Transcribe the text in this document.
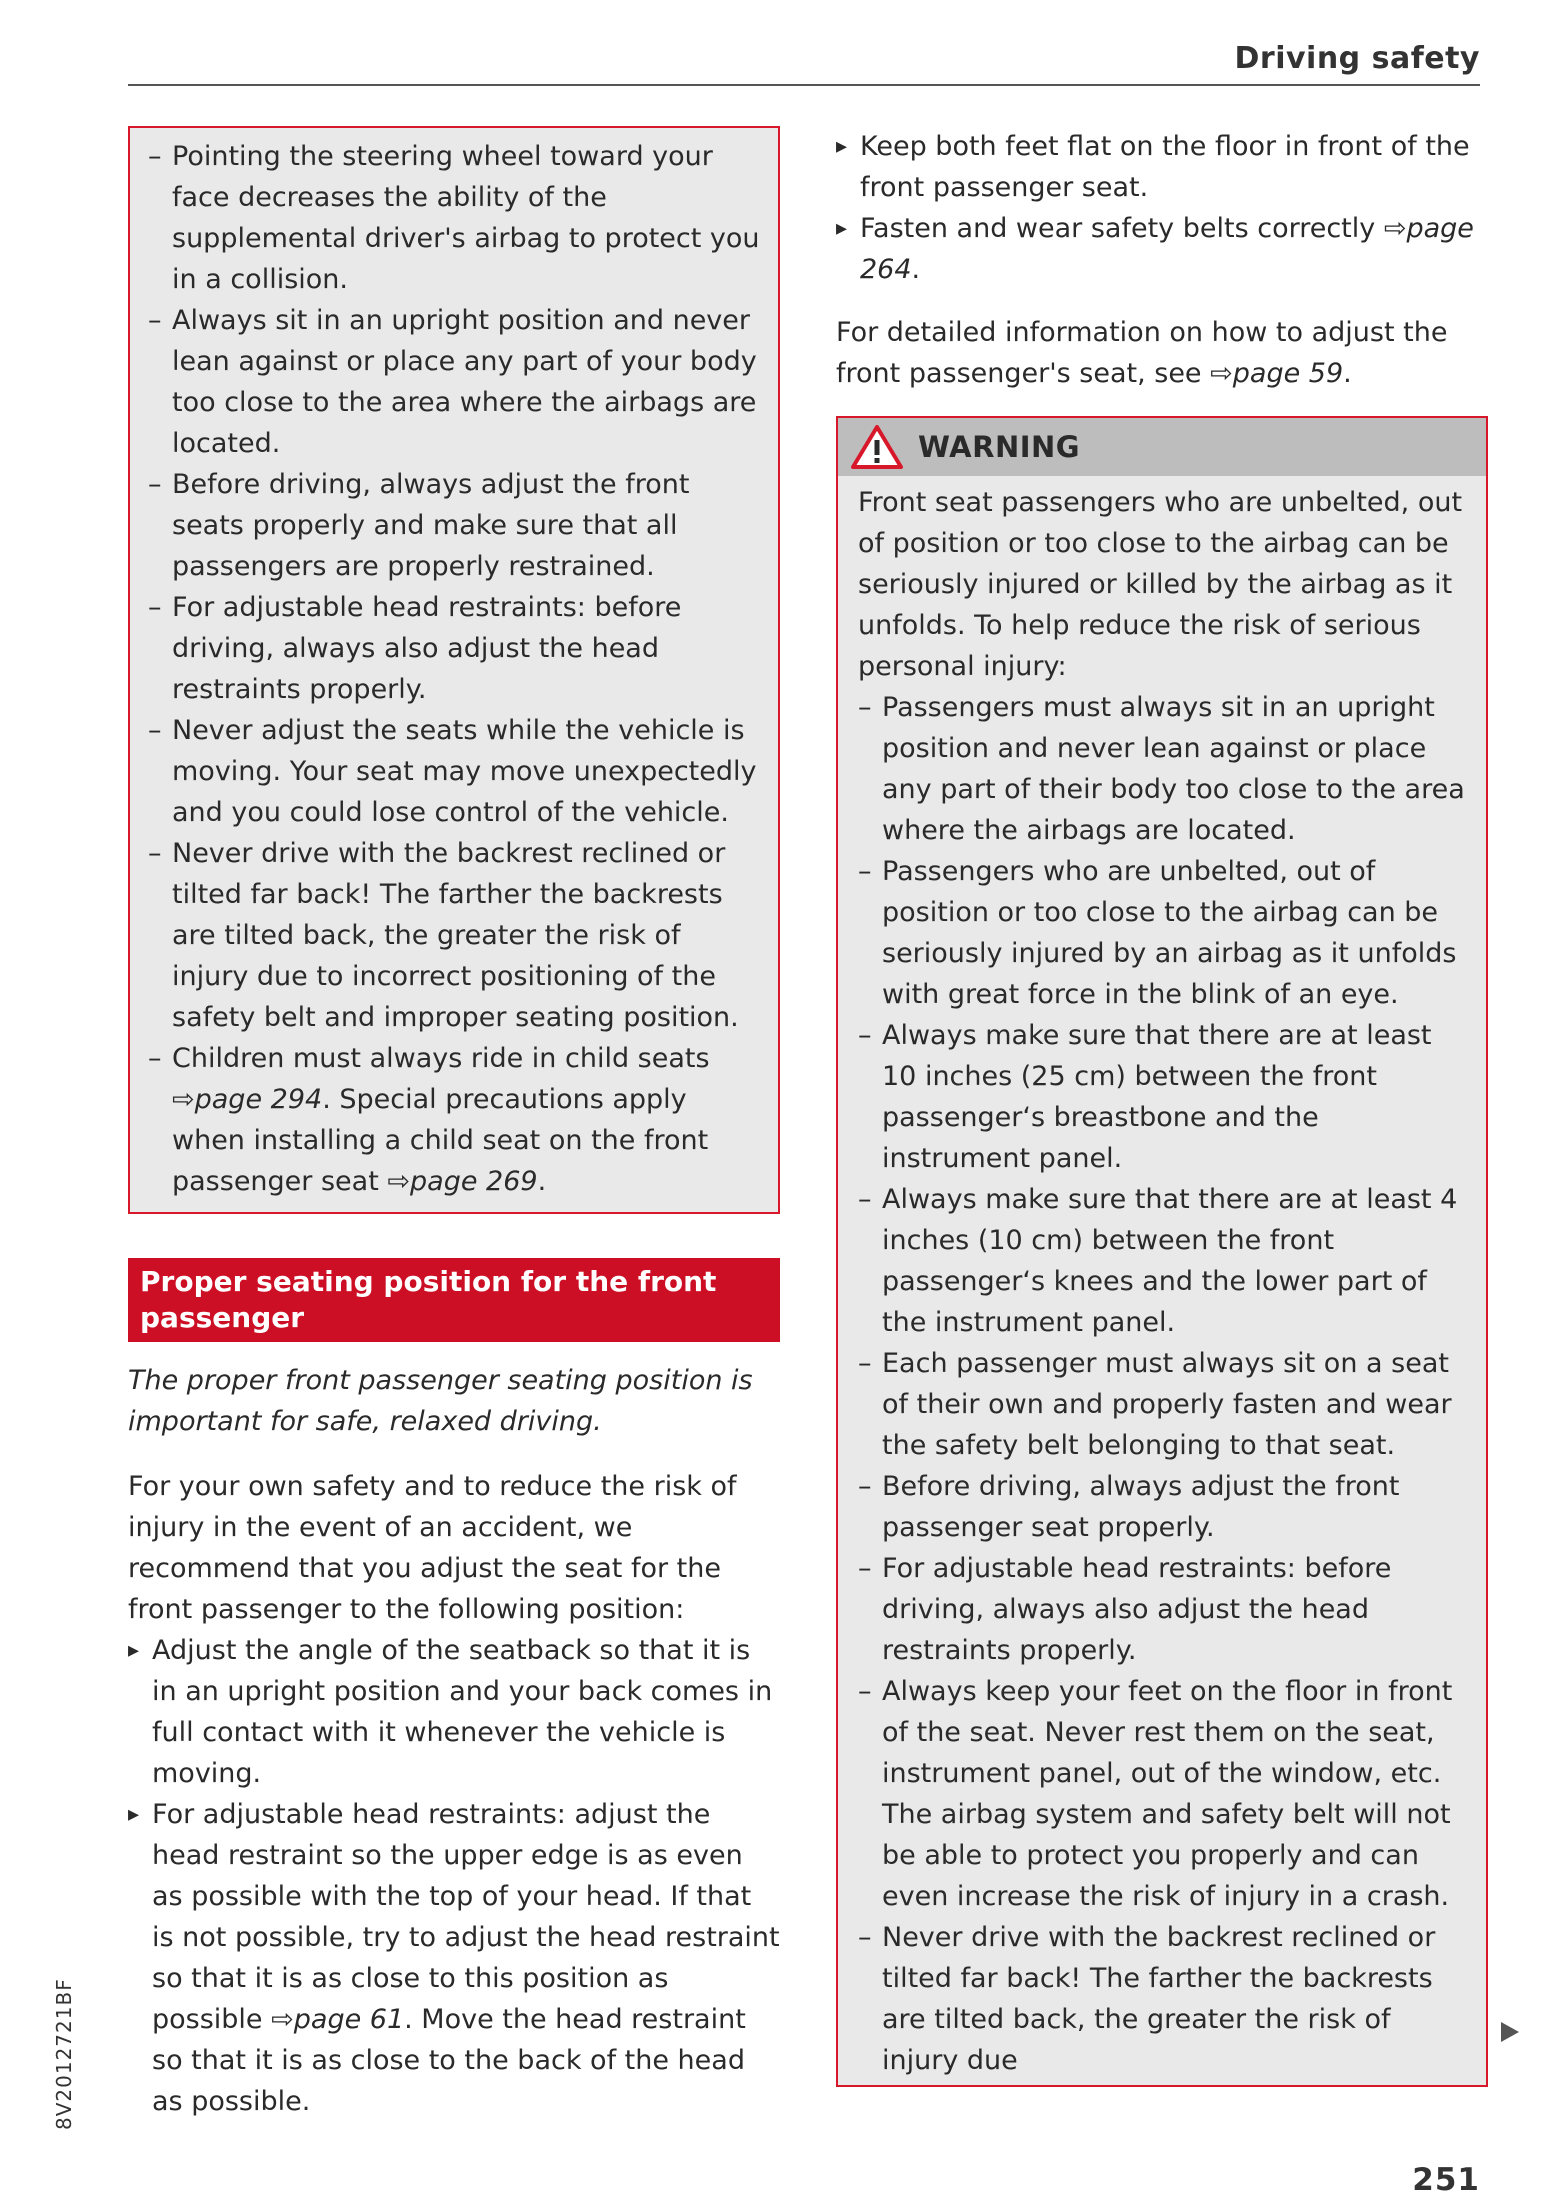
Driving safety
– Pointing the steering wheel toward your face decreases the ability of the supplemental driver's airbag to protect you in a collision.
– Always sit in an upright position and never lean against or place any part of your body too close to the area where the airbags are located.
– Before driving, always adjust the front seats properly and make sure that all passengers are properly restrained.
– For adjustable head restraints: before driving, always also adjust the head restraints properly.
– Never adjust the seats while the vehicle is moving. Your seat may move unexpectedly and you could lose control of the vehicle.
– Never drive with the backrest reclined or tilted far back! The farther the backrests are tilted back, the greater the risk of injury due to incorrect positioning of the safety belt and improper seating position.
– Children must always ride in child seats ⇨page 294. Special precautions apply when installing a child seat on the front passenger seat ⇨page 269.
Proper seating position for the front passenger

The proper front passenger seating position is important for safe, relaxed driving.

For your own safety and to reduce the risk of injury in the event of an accident, we recommend that you adjust the seat for the front passenger to the following position:

▸ Adjust the angle of the seatback so that it is in an upright position and your back comes in full contact with it whenever the vehicle is moving.
▸ For adjustable head restraints: adjust the head restraint so the upper edge is as even as possible with the top of your head. If that is not possible, try to adjust the head restraint so that it is as close to this position as possible ⇨page 61. Move the head restraint so that it is as close to the back of the head as possible.
▸ Keep both feet flat on the floor in front of the front passenger seat.
▸ Fasten and wear safety belts correctly ⇨page 264.

For detailed information on how to adjust the front passenger's seat, see ⇨page 59.

WARNING

Front seat passengers who are unbelted, out of position or too close to the airbag can be seriously injured or killed by the airbag as it unfolds. To help reduce the risk of serious personal injury:

– Passengers must always sit in an upright position and never lean against or place any part of their body too close to the area where the airbags are located.
– Passengers who are unbelted, out of position or too close to the airbag can be seriously injured by an airbag as it unfolds with great force in the blink of an eye.
– Always make sure that there are at least 10 inches (25 cm) between the front passenger‘s breastbone and the instrument panel.
– Always make sure that there are at least 4 inches (10 cm) between the front passenger‘s knees and the lower part of the instrument panel.
– Each passenger must always sit on a seat of their own and properly fasten and wear the safety belt belonging to that seat.
– Before driving, always adjust the front passenger seat properly.
– For adjustable head restraints: before driving, always also adjust the head restraints properly.
– Always keep your feet on the floor in front of the seat. Never rest them on the seat, instrument panel, out of the window, etc. The airbag system and safety belt will not be able to protect you properly and can even increase the risk of injury in a crash.
– Never drive with the backrest reclined or tilted far back! The farther the backrests are tilted back, the greater the risk of injury due
251
8V2012721BF
